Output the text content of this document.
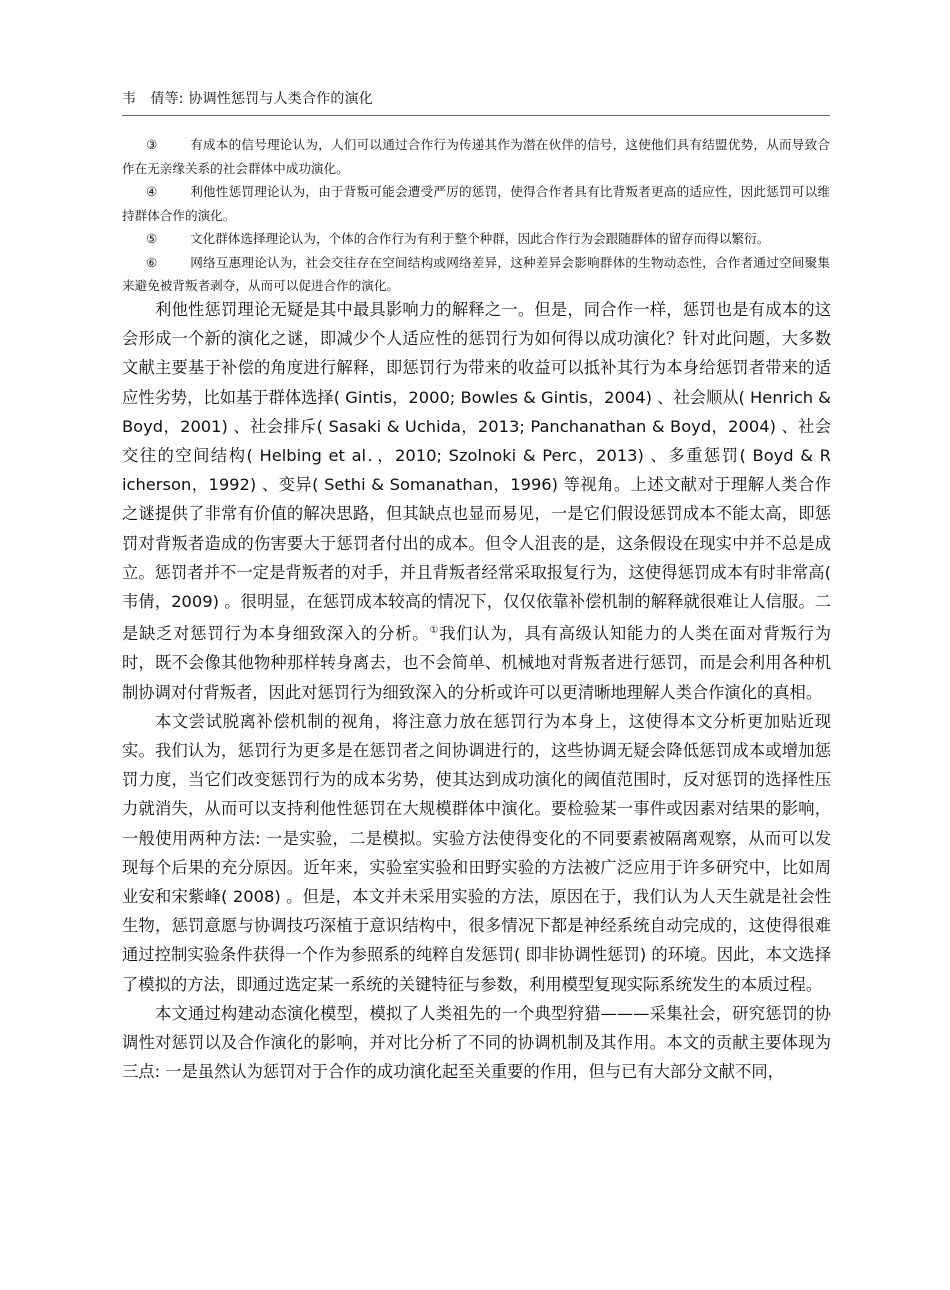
韦　倩等: 协调性惩罚与人类合作的演化
③	有成本的信号理论认为，人们可以通过合作行为传递其作为潜在伙伴的信号，这使他们具有结盟优势，从而导致合作在无亲缘关系的社会群体中成功演化。
④	利他性惩罚理论认为，由于背叛可能会遭受严厉的惩罚，使得合作者具有比背叛者更高的适应性，因此惩罚可以维持群体合作的演化。
⑤	文化群体选择理论认为，个体的合作行为有利于整个种群，因此合作行为会跟随群体的留存而得以繁衍。
⑥	网络互惠理论认为，社会交往存在空间结构或网络差异，这种差异会影响群体的生物动态性，合作者通过空间聚集来避免被背叛者剥夺，从而可以促进合作的演化。

利他性惩罚理论无疑是其中最具影响力的解释之一。但是，同合作一样，惩罚也是有成本的这会形成一个新的演化之谜，即减少个人适应性的惩罚行为如何得以成功演化？针对此问题，大多数文献主要基于补偿的角度进行解释，即惩罚行为带来的收益可以抵补其行为本身给惩罚者带来的适应性劣势，比如基于群体选择( Gintis，2000; Bowles & Gintis，2004) 、社会顺从( Henrich & Boyd，2001) 、社会排斥( Sasaki & Uchida，2013; Panchanathan & Boyd，2004) 、社会交往的空间结构( Helbing et al．，2010; Szolnoki & Perc，2013) 、多重惩罚( Boyd & R icherson，1992) 、变异( Sethi & Somanathan，1996) 等视角。上述文献对于理解人类合作之谜提供了非常有价值的解决思路，但其缺点也显而易见，一是它们假设惩罚成本不能太高，即惩罚对背叛者造成的伤害要大于惩罚者付出的成本。但令人沮丧的是，这条假设在现实中并不总是成立。惩罚者并不一定是背叛者的对手，并且背叛者经常采取报复行为，这使得惩罚成本有时非常高( 韦倩，2009) 。很明显，在惩罚成本较高的情况下，仅仅依靠补偿机制的解释就很难让人信服。二是缺乏对惩罚行为本身细致深入的分析。①我们认为，具有高级认知能力的人类在面对背叛行为时，既不会像其他物种那样转身离去，也不会简单、机械地对背叛者进行惩罚，而是会利用各种机制协调对付背叛者，因此对惩罚行为细致深入的分析或许可以更清晰地理解人类合作演化的真相。

本文尝试脱离补偿机制的视角，将注意力放在惩罚行为本身上，这使得本文分析更加贴近现实。我们认为，惩罚行为更多是在惩罚者之间协调进行的，这些协调无疑会降低惩罚成本或增加惩罚力度，当它们改变惩罚行为的成本劣势，使其达到成功演化的阈值范围时，反对惩罚的选择性压力就消失，从而可以支持利他性惩罚在大规模群体中演化。要检验某一事件或因素对结果的影响，一般使用两种方法: 一是实验，二是模拟。实验方法使得变化的不同要素被隔离观察，从而可以发现每个后果的充分原因。近年来，实验室实验和田野实验的方法被广泛应用于许多研究中，比如周业安和宋紫峰( 2008) 。但是，本文并未采用实验的方法，原因在于，我们认为人天生就是社会性生物，惩罚意愿与协调技巧深植于意识结构中，很多情况下都是神经系统自动完成的，这使得很难通过控制实验条件获得一个作为参照系的纯粹自发惩罚( 即非协调性惩罚) 的环境。因此，本文选择了模拟的方法，即通过选定某一系统的关键特征与参数，利用模型复现实际系统发生的本质过程。

本文通过构建动态演化模型，模拟了人类祖先的一个典型狩猎———采集社会，研究惩罚的协调性对惩罚以及合作演化的影响，并对比分析了不同的协调机制及其作用。本文的贡献主要体现为三点: 一是虽然认为惩罚对于合作的成功演化起至关重要的作用，但与已有大部分文献不同，
